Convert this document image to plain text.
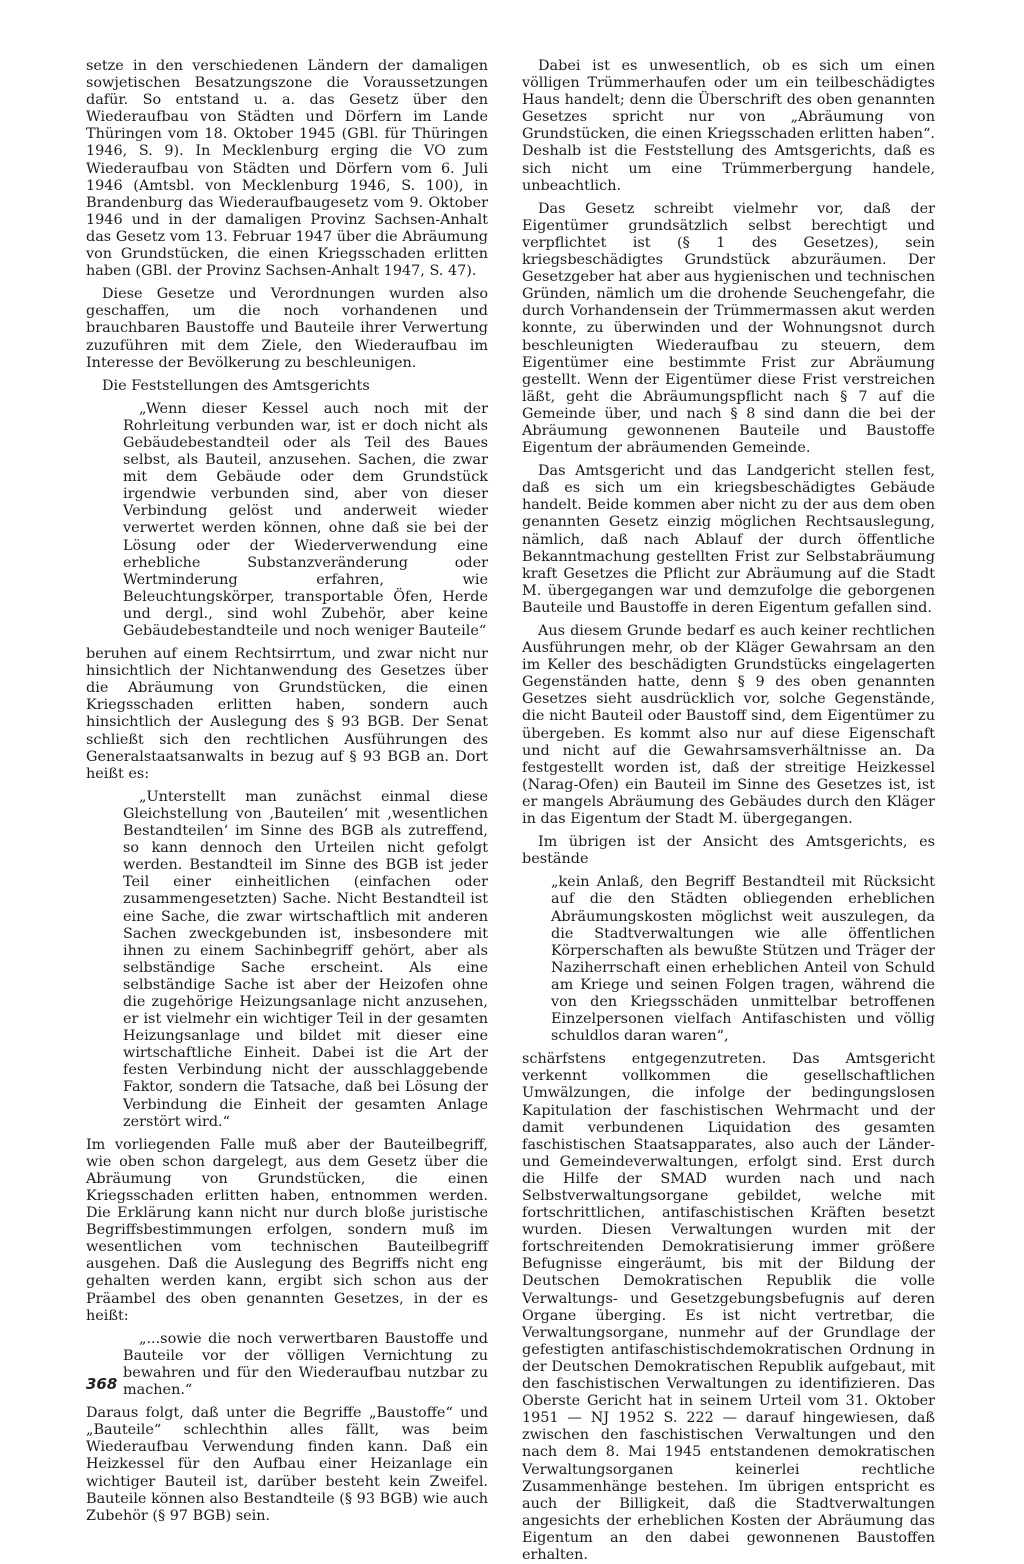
setze in den verschiedenen Ländern der damaligen sowjetischen Besatzungszone die Voraussetzungen dafür. So entstand u. a. das Gesetz über den Wiederaufbau von Städten und Dörfern im Lande Thüringen vom 18. Oktober 1945 (GBl. für Thüringen 1946, S. 9). In Mecklenburg erging die VO zum Wiederaufbau von Städten und Dörfern vom 6. Juli 1946 (Amtsbl. von Mecklenburg 1946, S. 100), in Brandenburg das Wiederaufbaugesetz vom 9. Oktober 1946 und in der damaligen Provinz Sachsen-Anhalt das Gesetz vom 13. Februar 1947 über die Abräumung von Grundstücken, die einen Kriegsschaden erlitten haben (GBl. der Provinz Sachsen-Anhalt 1947, S. 47).

Diese Gesetze und Verordnungen wurden also geschaffen, um die noch vorhandenen und brauchbaren Baustoffe und Bauteile ihrer Verwertung zuzuführen mit dem Ziele, den Wiederaufbau im Interesse der Bevölkerung zu beschleunigen.

Die Feststellungen des Amtsgerichts

„Wenn dieser Kessel auch noch mit der Rohrleitung verbunden war, ist er doch nicht als Gebäudebestandteil oder als Teil des Baues selbst, als Bauteil, anzusehen. Sachen, die zwar mit dem Gebäude oder dem Grundstück irgendwie verbunden sind, aber von dieser Verbindung gelöst und anderweit wieder verwertet werden können, ohne daß sie bei der Lösung oder der Wiederverwendung eine erhebliche Substanzveränderung oder Wertminderung erfahren, wie Beleuchtungskörper, transportable Öfen, Herde und dergl., sind wohl Zubehör, aber keine Gebäudebestandteile und noch weniger Bauteile“

beruhen auf einem Rechtsirrtum, und zwar nicht nur hinsichtlich der Nichtanwendung des Gesetzes über die Abräumung von Grundstücken, die einen Kriegsschaden erlitten haben, sondern auch hinsichtlich der Auslegung des § 93 BGB. Der Senat schließt sich den rechtlichen Ausführungen des Generalstaatsanwalts in bezug auf § 93 BGB an. Dort heißt es:

„Unterstellt man zunächst einmal diese Gleichstellung von ‚Bauteilen‘ mit ‚wesentlichen Bestandteilen‘ im Sinne des BGB als zutreffend, so kann dennoch den Urteilen nicht gefolgt werden. Bestandteil im Sinne des BGB ist jeder Teil einer einheitlichen (einfachen oder zusammengesetzten) Sache. Nicht Bestandteil ist eine Sache, die zwar wirtschaftlich mit anderen Sachen zweckgebunden ist, insbesondere mit ihnen zu einem Sachinbegriff gehört, aber als selbständige Sache erscheint. Als eine selbständige Sache ist aber der Heizofen ohne die zugehörige Heizungsanlage nicht anzusehen, er ist vielmehr ein wichtiger Teil in der gesamten Heizungsanlage und bildet mit dieser eine wirtschaftliche Einheit. Dabei ist die Art der festen Verbindung nicht der ausschlaggebende Faktor, sondern die Tatsache, daß bei Lösung der Verbindung die Einheit der gesamten Anlage zerstört wird.“

Im vorliegenden Falle muß aber der Bauteilbegriff, wie oben schon dargelegt, aus dem Gesetz über die Abräumung von Grundstücken, die einen Kriegsschaden erlitten haben, entnommen werden. Die Erklärung kann nicht nur durch bloße juristische Begriffsbestimmungen erfolgen, sondern muß im wesentlichen vom technischen Bauteilbegriff ausgehen. Daß die Auslegung des Begriffs nicht eng gehalten werden kann, ergibt sich schon aus der Präambel des oben genannten Gesetzes, in der es heißt:

„...sowie die noch verwertbaren Baustoffe und Bauteile vor der völligen Vernichtung zu bewahren und für den Wiederaufbau nutzbar zu machen.“

Daraus folgt, daß unter die Begriffe „Baustoffe“ und „Bauteile“ schlechthin alles fällt, was beim Wiederaufbau Verwendung finden kann. Daß ein Heizkessel für den Aufbau einer Heizanlage ein wichtiger Bauteil ist, darüber besteht kein Zweifel. Bauteile können also Bestandteile (§ 93 BGB) wie auch Zubehör (§ 97 BGB) sein.

Dabei ist es unwesentlich, ob es sich um einen völligen Trümmerhaufen oder um ein teilbeschädigtes Haus handelt; denn die Überschrift des oben genannten Gesetzes spricht nur von „Abräumung von Grundstücken, die einen Kriegsschaden erlitten haben“. Deshalb ist die Feststellung des Amtsgerichts, daß es sich nicht um eine Trümmerbergung handele, unbeachtlich.

Das Gesetz schreibt vielmehr vor, daß der Eigentümer grundsätzlich selbst berechtigt und verpflichtet ist (§ 1 des Gesetzes), sein kriegsbeschädigtes Grundstück abzuräumen. Der Gesetzgeber hat aber aus hygienischen und technischen Gründen, nämlich um die drohende Seuchengefahr, die durch Vorhandensein der Trümmermassen akut werden konnte, zu überwinden und der Wohnungsnot durch beschleunigten Wiederaufbau zu steuern, dem Eigentümer eine bestimmte Frist zur Abräumung gestellt. Wenn der Eigentümer diese Frist verstreichen läßt, geht die Abräumungspflicht nach § 7 auf die Gemeinde über, und nach § 8 sind dann die bei der Abräumung gewonnenen Bauteile und Baustoffe Eigentum der abräumenden Gemeinde.

Das Amtsgericht und das Landgericht stellen fest, daß es sich um ein kriegsbeschädigtes Gebäude handelt. Beide kommen aber nicht zu der aus dem oben genannten Gesetz einzig möglichen Rechtsauslegung, nämlich, daß nach Ablauf der durch öffentliche Bekanntmachung gestellten Frist zur Selbstabräumung kraft Gesetzes die Pflicht zur Abräumung auf die Stadt M. übergegangen war und demzufolge die geborgenen Bauteile und Baustoffe in deren Eigentum gefallen sind.

Aus diesem Grunde bedarf es auch keiner rechtlichen Ausführungen mehr, ob der Kläger Gewahrsam an den im Keller des beschädigten Grundstücks eingelagerten Gegenständen hatte, denn § 9 des oben genannten Gesetzes sieht ausdrücklich vor, solche Gegenstände, die nicht Bauteil oder Baustoff sind, dem Eigentümer zu übergeben. Es kommt also nur auf diese Eigenschaft und nicht auf die Gewahrsamsverhältnisse an. Da festgestellt worden ist, daß der streitige Heizkessel (Narag-Ofen) ein Bauteil im Sinne des Gesetzes ist, ist er mangels Abräumung des Gebäudes durch den Kläger in das Eigentum der Stadt M. übergegangen.

Im übrigen ist der Ansicht des Amtsgerichts, es bestände

„kein Anlaß, den Begriff Bestandteil mit Rücksicht auf die den Städten obliegenden erheblichen Abräumungskosten möglichst weit auszulegen, da die Stadtverwaltungen wie alle öffentlichen Körperschaften als bewußte Stützen und Träger der Naziherrschaft einen erheblichen Anteil von Schuld am Kriege und seinen Folgen tragen, während die von den Kriegsschäden unmittelbar betroffenen Einzelpersonen vielfach Antifaschisten und völlig schuldlos daran waren“,

schärfstens entgegenzutreten. Das Amtsgericht verkennt vollkommen die gesellschaftlichen Umwälzungen, die infolge der bedingungslosen Kapitulation der faschistischen Wehrmacht und der damit verbundenen Liquidation des gesamten faschistischen Staatsapparates, also auch der Länder- und Gemeindeverwaltungen, erfolgt sind. Erst durch die Hilfe der SMAD wurden nach und nach Selbstverwaltungsorgane gebildet, welche mit fortschrittlichen, antifaschistischen Kräften besetzt wurden. Diesen Verwaltungen wurden mit der fortschreitenden Demokratisierung immer größere Befugnisse eingeräumt, bis mit der Bildung der Deutschen Demokratischen Republik die volle Verwaltungs- und Gesetzgebungsbefugnis auf deren Organe überging. Es ist nicht vertretbar, die Verwaltungsorgane, nunmehr auf der Grundlage der gefestigten antifaschistischdemokratischen Ordnung in der Deutschen Demokratischen Republik aufgebaut, mit den faschistischen Verwaltungen zu identifizieren. Das Oberste Gericht hat in seinem Urteil vom 31. Oktober 1951 — NJ 1952 S. 222 — darauf hingewiesen, daß zwischen den faschistischen Verwaltungen und den nach dem 8. Mai 1945 entstandenen demokratischen Verwaltungsorganen keinerlei rechtliche Zusammenhänge bestehen. Im übrigen entspricht es auch der Billigkeit, daß die Stadtverwaltungen angesichts der erheblichen Kosten der Abräumung das Eigentum an den dabei gewonnenen Baustoffen erhalten.

368
